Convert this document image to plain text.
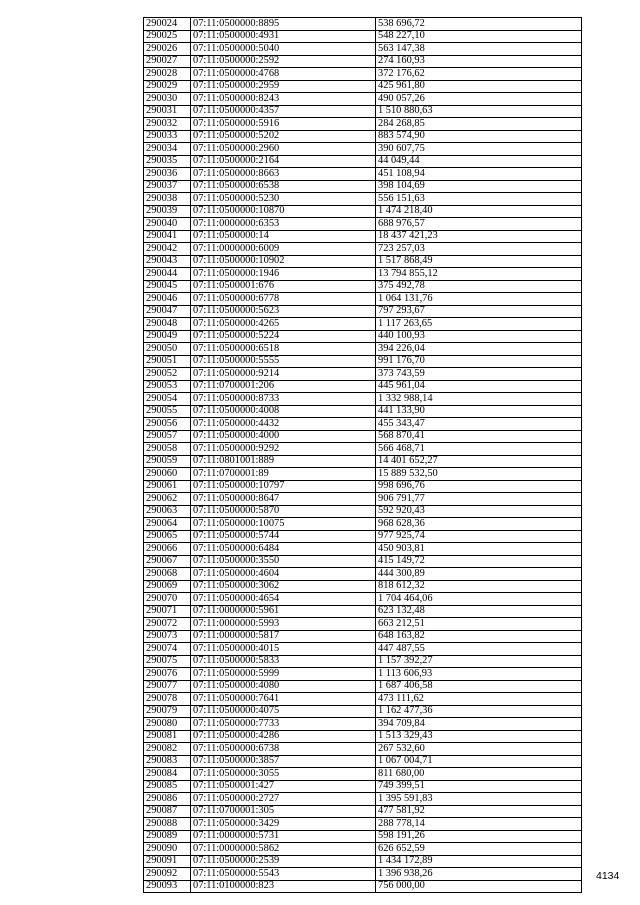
290024	07:11:0500000:8895	538 696,72
290025	07:11:0500000:4931	548 227,10
290026	07:11:0500000:5040	563 147,38
290027	07:11:0500000:2592	274 160,93
290028	07:11:0500000:4768	372 176,62
290029	07:11:0500000:2959	425 961,80
290030	07:11:0500000:8243	490 057,26
290031	07:11:0500000:4357	1 510 880,63
290032	07:11:0500000:5916	284 268,85
290033	07:11:0500000:5202	883 574,90
290034	07:11:0500000:2960	390 607,75
290035	07:11:0500000:2164	44 049,44
290036	07:11:0500000:8663	451 108,94
290037	07:11:0500000:6538	398 104,69
290038	07:11:0500000:5230	556 151,63
290039	07:11:0500000:10870	1 474 218,40
290040	07:11:0000000:6353	688 976,57
290041	07:11:0500000:14	18 437 421,23
290042	07:11:0000000:6009	723 257,03
290043	07:11:0500000:10902	1 517 868,49
290044	07:11:0500000:1946	13 794 855,12
290045	07:11:0500001:676	375 492,78
290046	07:11:0500000:6778	1 064 131,76
290047	07:11:0500000:5623	797 293,67
290048	07:11:0500000:4265	1 117 263,65
290049	07:11:0500000:5224	440 100,93
290050	07:11:0500000:6518	394 226,04
290051	07:11:0500000:5555	991 176,70
290052	07:11:0500000:9214	373 743,59
290053	07:11:0700001:206	445 961,04
290054	07:11:0500000:8733	1 332 988,14
290055	07:11:0500000:4008	441 133,90
290056	07:11:0500000:4432	455 343,47
290057	07:11:0500000:4000	568 870,41
290058	07:11:0500000:9292	566 468,71
290059	07:11:0801001:889	14 401 652,27
290060	07:11:0700001:89	15 889 532,50
290061	07:11:0500000:10797	998 696,76
290062	07:11:0500000:8647	906 791,77
290063	07:11:0500000:5870	592 920,43
290064	07:11:0500000:10075	968 628,36
290065	07:11:0500000:5744	977 925,74
290066	07:11:0500000:6484	450 903,81
290067	07:11:0500000:3550	415 149,72
290068	07:11:0500000:4604	444 300,89
290069	07:11:0500000:3062	818 612,32
290070	07:11:0500000:4654	1 704 464,06
290071	07:11:0000000:5961	623 132,48
290072	07:11:0000000:5993	663 212,51
290073	07:11:0000000:5817	648 163,82
290074	07:11:0500000:4015	447 487,55
290075	07:11:0500000:5833	1 157 392,27
290076	07:11:0500000:5999	1 113 606,93
290077	07:11:0500000:4080	1 687 406,58
290078	07:11:0500000:7641	473 111,62
290079	07:11:0500000:4075	1 162 477,36
290080	07:11:0500000:7733	394 709,84
290081	07:11:0500000:4286	1 513 329,43
290082	07:11:0500000:6738	267 532,60
290083	07:11:0500000:3857	1 067 004,71
290084	07:11:0500000:3055	811 680,00
290085	07:11:0500001:427	749 399,51
290086	07:11:0500000:2727	1 395 591,83
290087	07:11:0700001:305	477 581,92
290088	07:11:0500000:3429	288 778,14
290089	07:11:0000000:5731	598 191,26
290090	07:11:0000000:5862	626 652,59
290091	07:11:0500000:2539	1 434 172,89
290092	07:11:0500000:5543	1 396 938,26
290093	07:11:0100000:823	756 000,00
4134
